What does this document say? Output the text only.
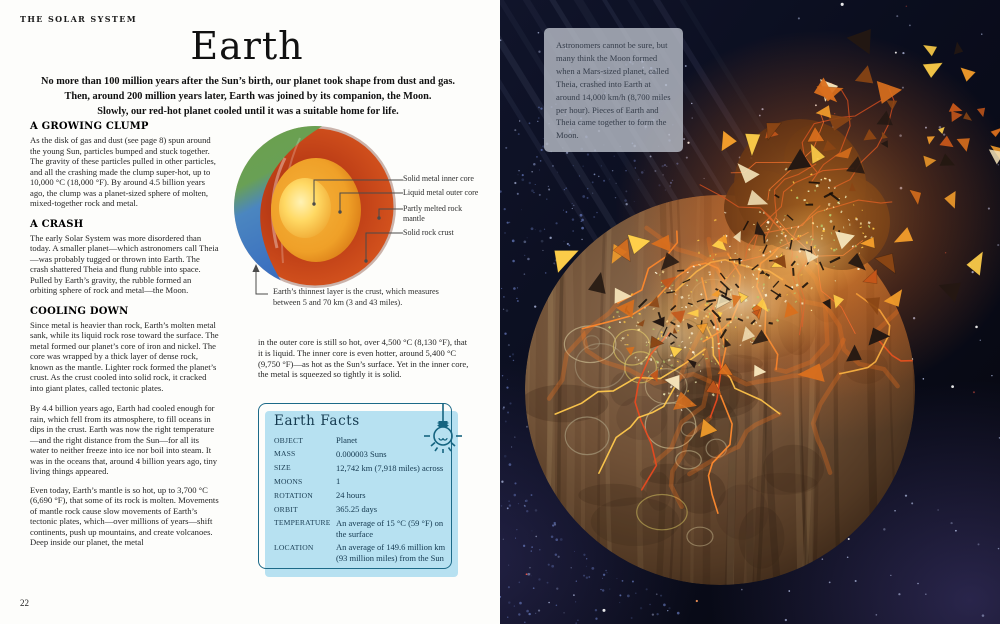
THE SOLAR SYSTEM
Earth
No more than 100 million years after the Sun’s birth, our planet took shape from dust and gas.
Then, around 200 million years later, Earth was joined by its companion, the Moon.
Slowly, our red-hot planet cooled until it was a suitable home for life.
A GROWING CLUMP
As the disk of gas and dust (see page 8) spun around the young Sun, particles bumped and stuck together. The gravity of these particles pulled in other particles, and all the crashing made the clump super-hot, up to 10,000 °C (18,000 °F). By around 4.5 billion years ago, the clump was a planet-sized sphere of molten, mixed-together rock and metal.
A CRASH
The early Solar System was more disordered than today. A smaller planet—which astronomers call Theia—was probably tugged or thrown into Earth. The crash shattered Theia and flung rubble into space. Pulled by Earth’s gravity, the rubble formed an orbiting sphere of rock and metal—the Moon.
COOLING DOWN
Since metal is heavier than rock, Earth’s molten metal sank, while its liquid rock rose toward the surface. The metal formed our planet’s core of iron and nickel. The core was wrapped by a thick layer of dense rock, known as the mantle. Lighter rock formed the planet’s crust. As the crust cooled into solid rock, it cracked into giant plates, called tectonic plates.
By 4.4 billion years ago, Earth had cooled enough for rain, which fell from its atmosphere, to fill oceans in dips in the crust. Earth was now the right temperature—and the right distance from the Sun—for all its water to neither freeze into ice nor boil into steam. It was in the oceans that, around 4 billion years ago, tiny living things appeared.
Even today, Earth’s mantle is so hot, up to 3,700 °C (6,690 °F), that some of its rock is molten. Movements of mantle rock cause slow movements of Earth’s tectonic plates, which—over millions of years—shift continents, push up mountains, and create volcanoes. Deep inside our planet, the metal
Solid metal inner core
Liquid metal outer core
Partly melted rock mantle
Solid rock crust
Earth’s thinnest layer is the crust, which measures between 5 and 70 km (3 and 43 miles).
in the outer core is still so hot, over 4,500 °C (8,130 °F), that it is liquid. The inner core is even hotter, around 5,400 °C (9,750 °F)—as hot as the Sun’s surface. Yet in the inner core, the metal is squeezed so tightly it is solid.
Earth Facts
OBJECT	Planet
MASS	0.000003 Suns
SIZE	12,742 km (7,918 miles) across
MOONS	1
ROTATION	24 hours
ORBIT	365.25 days
TEMPERATURE An average of 15 °C (59 °F) on the surface
LOCATION	An average of 149.6 million km (93 million miles) from the Sun
22
Astronomers cannot be sure, but many think the Moon formed when a Mars-sized planet, called Theia, crashed into Earth at around 14,000 km/h (8,700 miles per hour). Pieces of Earth and Theia came together to form the Moon.
